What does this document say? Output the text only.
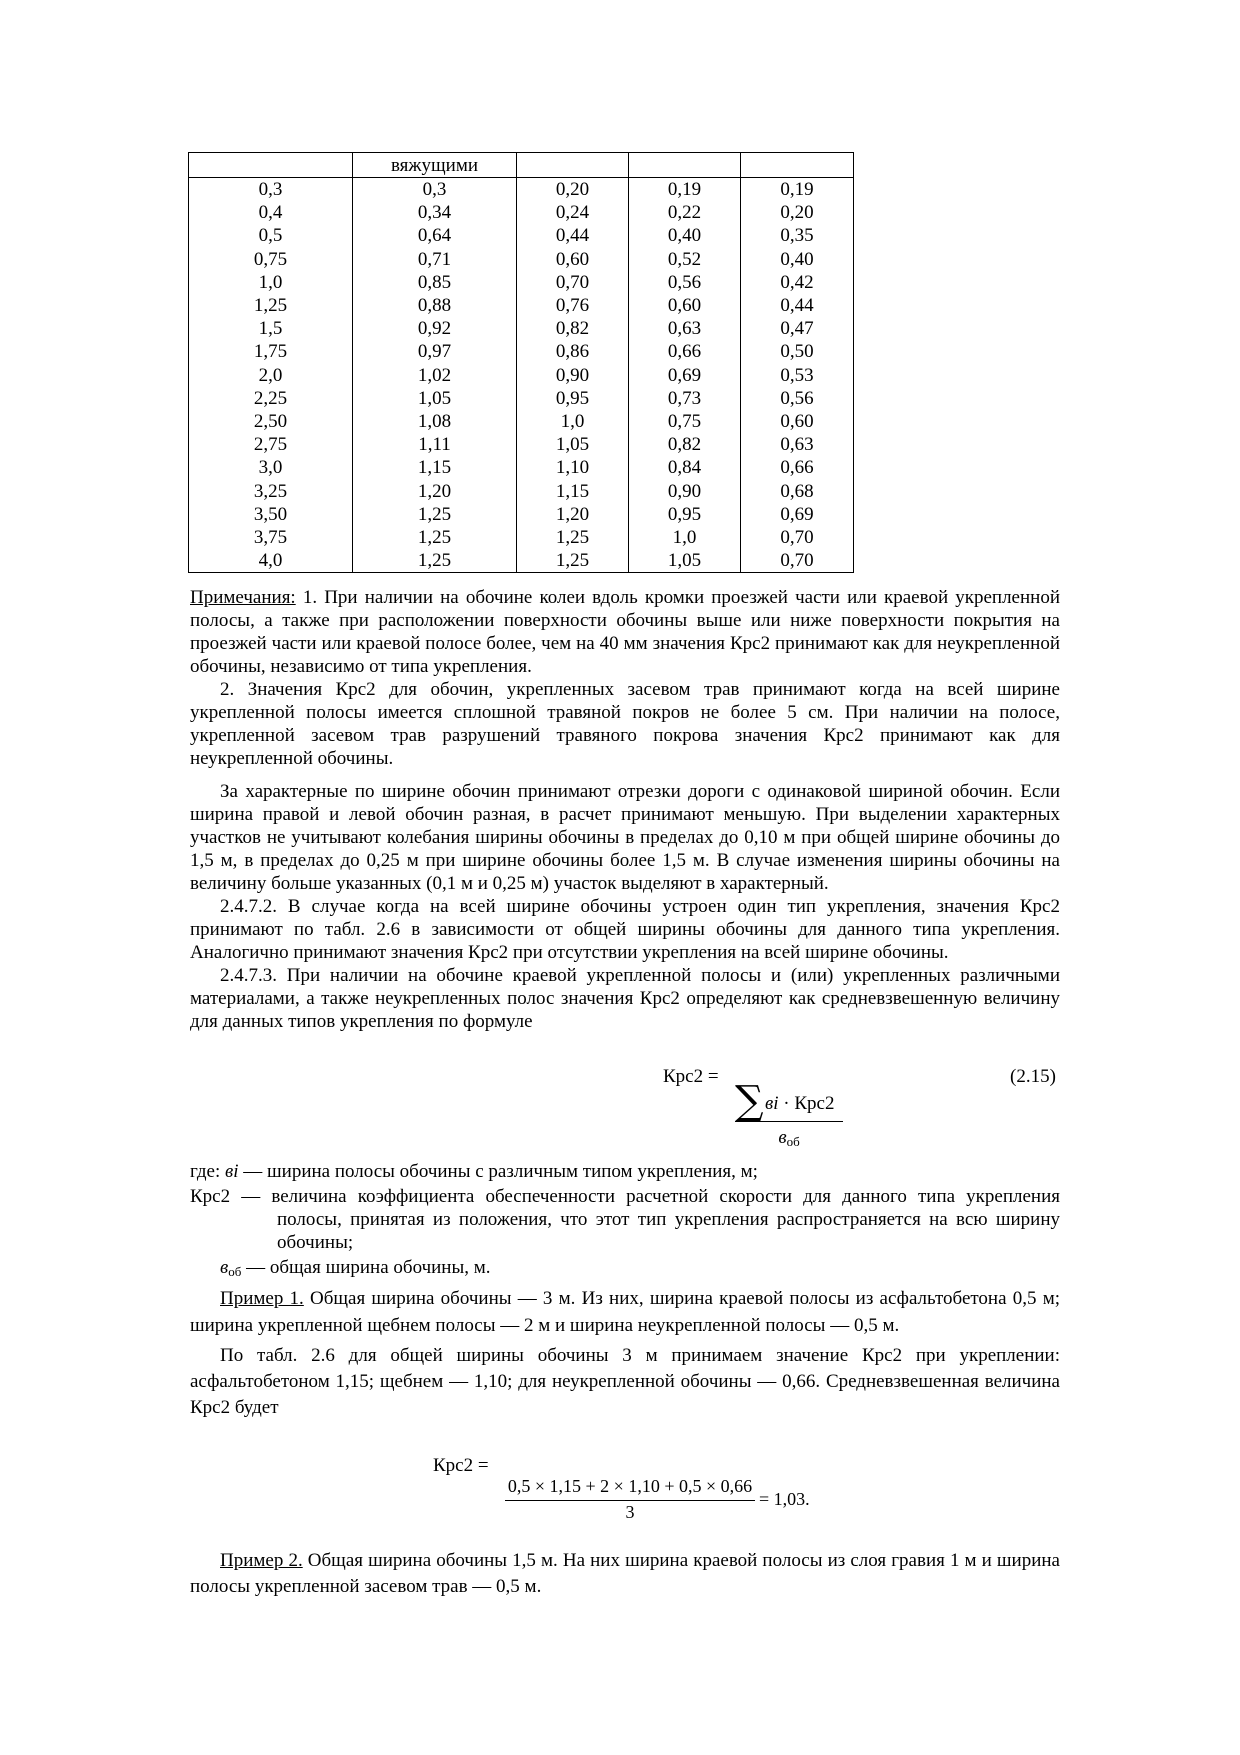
	вяжущими			
0,3	0,3	0,20	0,19	0,19
0,4	0,34	0,24	0,22	0,20
0,5	0,64	0,44	0,40	0,35
0,75	0,71	0,60	0,52	0,40
1,0	0,85	0,70	0,56	0,42
1,25	0,88	0,76	0,60	0,44
1,5	0,92	0,82	0,63	0,47
1,75	0,97	0,86	0,66	0,50
2,0	1,02	0,90	0,69	0,53
2,25	1,05	0,95	0,73	0,56
2,50	1,08	1,0	0,75	0,60
2,75	1,11	1,05	0,82	0,63
3,0	1,15	1,10	0,84	0,66
3,25	1,20	1,15	0,90	0,68
3,50	1,25	1,20	0,95	0,69
3,75	1,25	1,25	1,0	0,70
4,0	1,25	1,25	1,05	0,70

Примечания: 1. При наличии на обочине колеи вдоль кромки проезжей части или краевой укрепленной полосы, а также при расположении поверхности обочины выше или ниже поверхности покрытия на проезжей части или краевой полосе более, чем на 40 мм значения Крс2 принимают как для неукрепленной обочины, независимо от типа укрепления.

2. Значения Крс2 для обочин, укрепленных засевом трав принимают когда на всей ширине укрепленной полосы имеется сплошной травяной покров не более 5 см. При наличии на полосе, укрепленной засевом трав разрушений травяного покрова значения Крс2 принимают как для неукрепленной обочины.

За характерные по ширине обочин принимают отрезки дороги с одинаковой шириной обочин. Если ширина правой и левой обочин разная, в расчет принимают меньшую. При выделении характерных участков не учитывают колебания ширины обочины в пределах до 0,10 м при общей ширине обочины до 1,5 м, в пределах до 0,25 м при ширине обочины более 1,5 м. В случае изменения ширины обочины на величину больше указанных (0,1 м и 0,25 м) участок выделяют в характерный.

2.4.7.2. В случае когда на всей ширине обочины устроен один тип укрепления, значения Крс2 принимают по табл. 2.6 в зависимости от общей ширины обочины для данного типа укрепления. Аналогично принимают значения Крс2 при отсутствии укрепления на всей ширине обочины.

2.4.7.3. При наличии на обочине краевой укрепленной полосы и (или) укрепленных различными материалами, а также неукрепленных полос значения Крс2 определяют как средневзвешенную величину для данных типов укрепления по формуле

Крс2 =	(2.15)
∑ вi · Крс2
$в_{об}$

где: вi — ширина полосы обочины с различным типом укрепления, м;

Крс2 — величина коэффициента обеспеченности расчетной скорости для данного типа укрепления полосы, принятая из положения, что этот тип укрепления распространяется на всю ширину обочины;

$в_{об}$ — общая ширина обочины, м.

Пример 1. Общая ширина обочины — 3 м. Из них, ширина краевой полосы из асфальтобетона 0,5 м; ширина укрепленной щебнем полосы — 2 м и ширина неукрепленной полосы — 0,5 м.

По табл. 2.6 для общей ширины обочины 3 м принимаем значение Крс2 при укреплении: асфальтобетоном 1,15; щебнем — 1,10; для неукрепленной обочины — 0,66. Средневзвешенная величина Крс2 будет

Крс2 =
$\frac{0,5 \times 1,15 + 2 \times 1,10 + 0,5 \times 0,66}{3} = 1,03$.

Пример 2. Общая ширина обочины 1,5 м. На них ширина краевой полосы из слоя гравия 1 м и ширина полосы укрепленной засевом трав — 0,5 м.
